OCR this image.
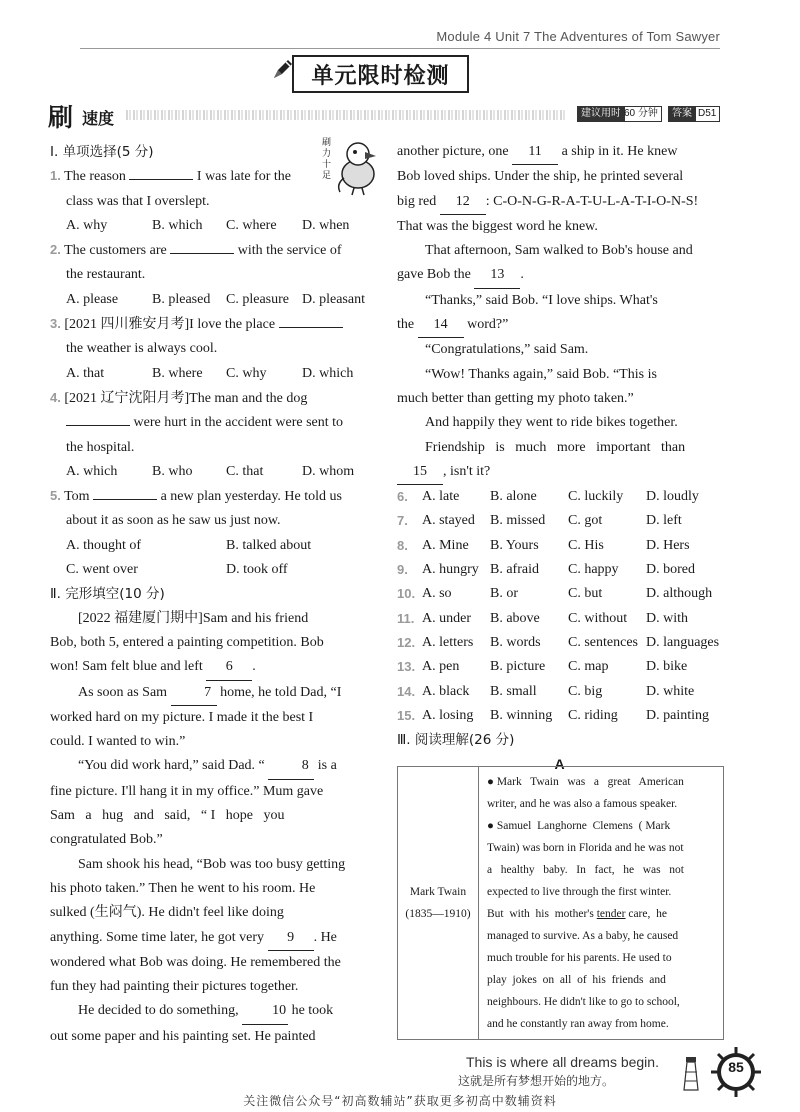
Module 4 Unit 7 The Adventures of Tom Sawyer
单元限时检测
刷 速度	建议用时 60 分钟	答案 D51
刷力十足

Ⅰ. 单项选择(5 分)

1. The reason	I was late for the

class was that I overslept.

A. why	B. which	C. where	D. when

2. The customers are	with the service of

the restaurant.

A. please	B. pleased	C. pleasure D. pleasant

3. [2021 四川雅安月考]I love the place

the weather is always cool.

A. that	B. where	C. why	D. which

4. [2021 辽宁沈阳月考]The man and the dog

were hurt in the accident were sent to

the hospital.

A. which	B. who	C. that	D. whom

5. Tom	a new plan yesterday. He told us

about it as soon as he saw us just now.

A. thought of	B. talked about

C. went over	D. took off

Ⅱ. 完形填空(10 分)

[2022 福建厦门期中]Sam and his friend

Bob, both 5, entered a painting competition. Bob

won! Sam felt blue and left 6 .

As soon as Sam	7 home, he told Dad, “I

worked hard on my picture. I made it the best I

could. I wanted to win.”

“You did work hard,” said Dad. “	8 is a

fine picture. I'll hang it in my office.” Mum gave

Sam   a   hug   and   said,   “ I   hope   you

congratulated Bob.”

Sam shook his head, “Bob was too busy getting

his photo taken.” Then he went to his room. He

sulked (生闷气). He didn't feel like doing

anything. Some time later, he got very 9 . He

wondered what Bob was doing. He remembered the

fun they had painting their pictures together.

He decided to do something, 10 he took

out some paper and his painting set. He painted

another picture, one 11 a ship in it. He knew

Bob loved ships. Under the ship, he printed several

big red 12 : C-O-N-G-R-A-T-U-L-A-T-I-O-N-S!

That was the biggest word he knew.

That afternoon, Sam walked to Bob's house and

gave Bob the 13 .

“Thanks,” said Bob. “I love ships. What's

the 14 word?”

“Congratulations,” said Sam.

“Wow! Thanks again,” said Bob. “This is

much better than getting my photo taken.”

And happily they went to ride bikes together.

Friendship   is   much   more   important   than

15 , isn't it?

6.	A. late	B. alone	C. luckily	D. loudly

7.	A. stayed	B. missed	C. got	D. left

8.	A. Mine	B. Yours	C. His	D. Hers

9.	A. hungry B. afraid	C. happy	D. bored

10. A. so	B. or	C. but	D. although

11. A. under	B. above	C. without	D. with

12. A. letters	B. words	C. sentences D. languages

13. A. pen	B. picture	C. map	D. bike

14. A. black	B. small	C. big	D. white

15. A. losing	B. winning	C. riding	D. painting

Ⅲ. 阅读理解(26 分)

A

Mark Twain
(1835—1910)

● Mark   Twain   was   a   great   American
writer, and he was also a famous speaker.
● Samuel  Langhorne  Clemens  ( Mark
Twain) was born in Florida and he was not
a   healthy   baby.   In   fact,   he   was   not
expected to live through the first winter.
But  with  his  mother's tender care,  he
managed to survive. As a baby, he caused
much trouble for his parents. He used to
play  jokes  on  all  of  his  friends  and
neighbours. He didn't like to go to school,
and he constantly ran away from home.
This is where all dreams begin.
这就是所有梦想开始的地方。
85
关注微信公众号“初高数辅站”获取更多初高中数辅资料
